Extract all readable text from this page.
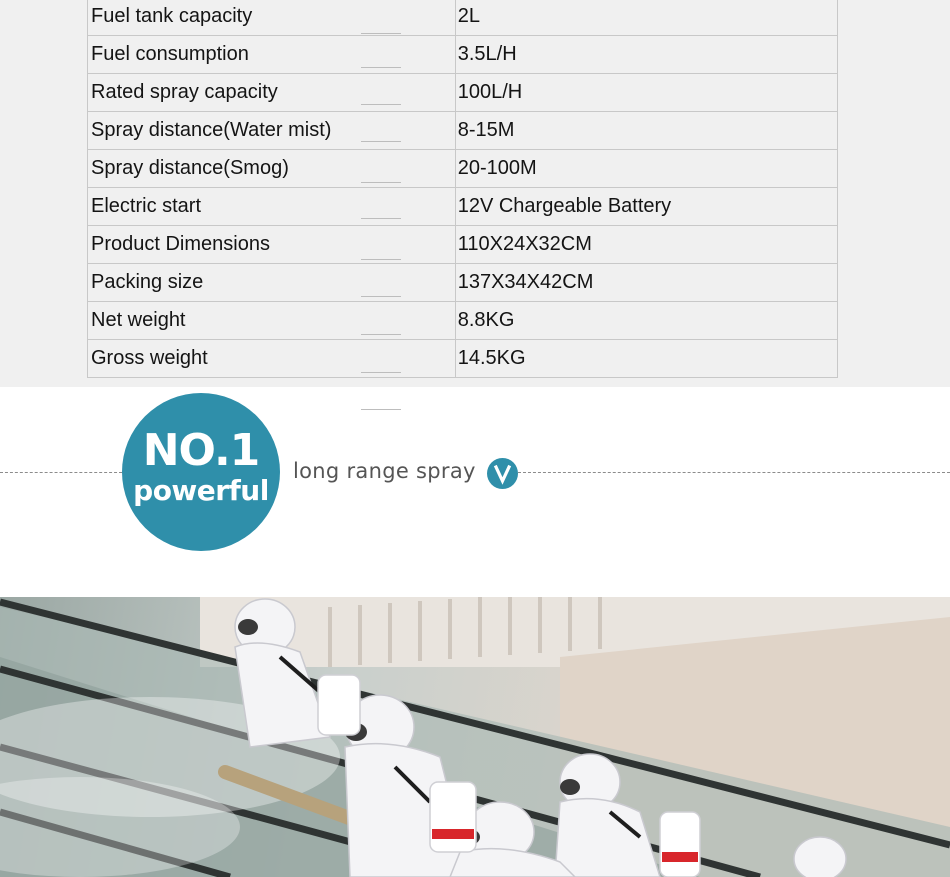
Fuel tank capacity	2L
Fuel consumption	3.5L/H
Rated spray capacity	100L/H
Spray distance(Water mist)	8-15M
Spray distance(Smog)	20-100M
Electric start	12V Chargeable Battery
Product Dimensions	110X24X32CM
Packing size	137X34X42CM
Net weight	8.8KG
Gross weight	14.5KG
NO.1
powerful
long range spray
